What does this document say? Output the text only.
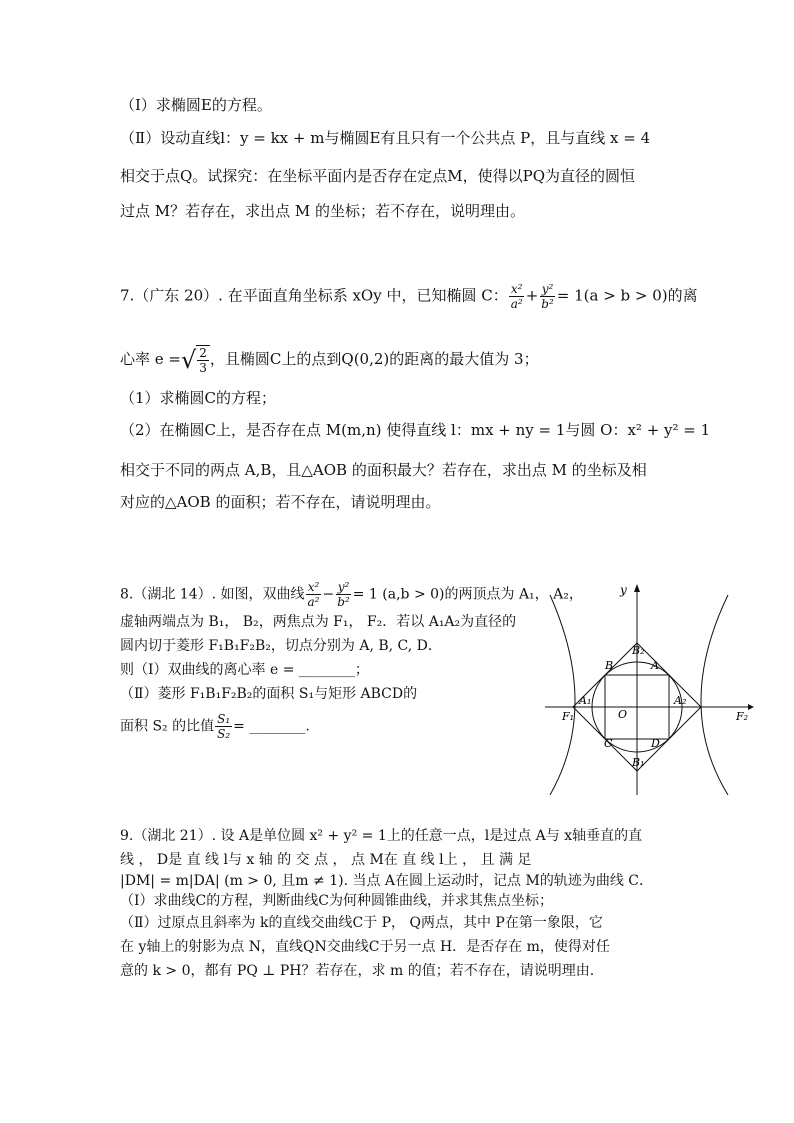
（Ⅰ）求椭圆E的方程。
（Ⅱ）设动直线l：y = kx + m与椭圆E有且只有一个公共点 P，且与直线 x = 4
相交于点Q。试探究：在坐标平面内是否存在定点M，使得以PQ为直径的圆恒
过点 M？若存在，求出点 M 的坐标；若不存在，说明理由。
7.（广东 20）. 在平面直角坐标系 xOy 中，已知椭圆 C： $\frac{\text{x²}}{\text{a²}} + \frac{\text{y²}}{\text{b²}} = 1(a > b > 0)$的离
心率 e = √ $\frac{2}{3}$ ，且椭圆C上的点到Q(0,2)的距离的最大值为 3；
（1）求椭圆C的方程；
（2）在椭圆C上，是否存在点 M(m,n) 使得直线 l：mx + ny = 1与圆 O：x² + y² = 1
相交于不同的两点 A,B，且△AOB 的面积最大？若存在，求出点 M 的坐标及相
对应的△AOB 的面积；若不存在，请说明理由。
8.（湖北 14）. 如图，双曲线 $\frac{\text{x²}}{\text{a²}} - \frac{\text{y²}}{\text{b²}} = 1$ (a,b > 0)的两顶点为 A₁， A₂，
虚轴两端点为 B₁， B₂，两焦点为 F₁， F₂．若以 A₁A₂为直径的
圆内切于菱形 F₁B₁F₂B₂，切点分别为 A, B, C, D．
则（Ⅰ）双曲线的离心率 e = ________；
（Ⅱ）菱形 F₁B₁F₂B₂的面积 S₁与矩形 ABCD的
面积 S₂ 的比值 $\frac{\text{S₁}}{\text{S₂}}$ = ________.
y
O
F₁	F₂
A₁	A₂
B₂
B₁
A
B
C	D
9.（湖北 21）. 设 A是单位圆 x² + y² = 1上的任意一点，l是过点 A与 x轴垂直的直
线 ， D是 直 线 l与 x 轴 的 交 点 ， 点 M在 直 线 l上 ， 且 满 足
|DM| = m|DA| (m > 0, 且m ≠ 1). 当点 A在圆上运动时，记点 M的轨迹为曲线 C．
（Ⅰ）求曲线C的方程，判断曲线C为何种圆锥曲线，并求其焦点坐标；
（Ⅱ）过原点且斜率为 k的直线交曲线C于 P， Q两点，其中 P在第一象限，它
在 y轴上的射影为点 N，直线QN交曲线C于另一点 H．是否存在 m，使得对任
意的 k > 0，都有 PQ ⊥ PH？若存在，求 m 的值；若不存在，请说明理由.
